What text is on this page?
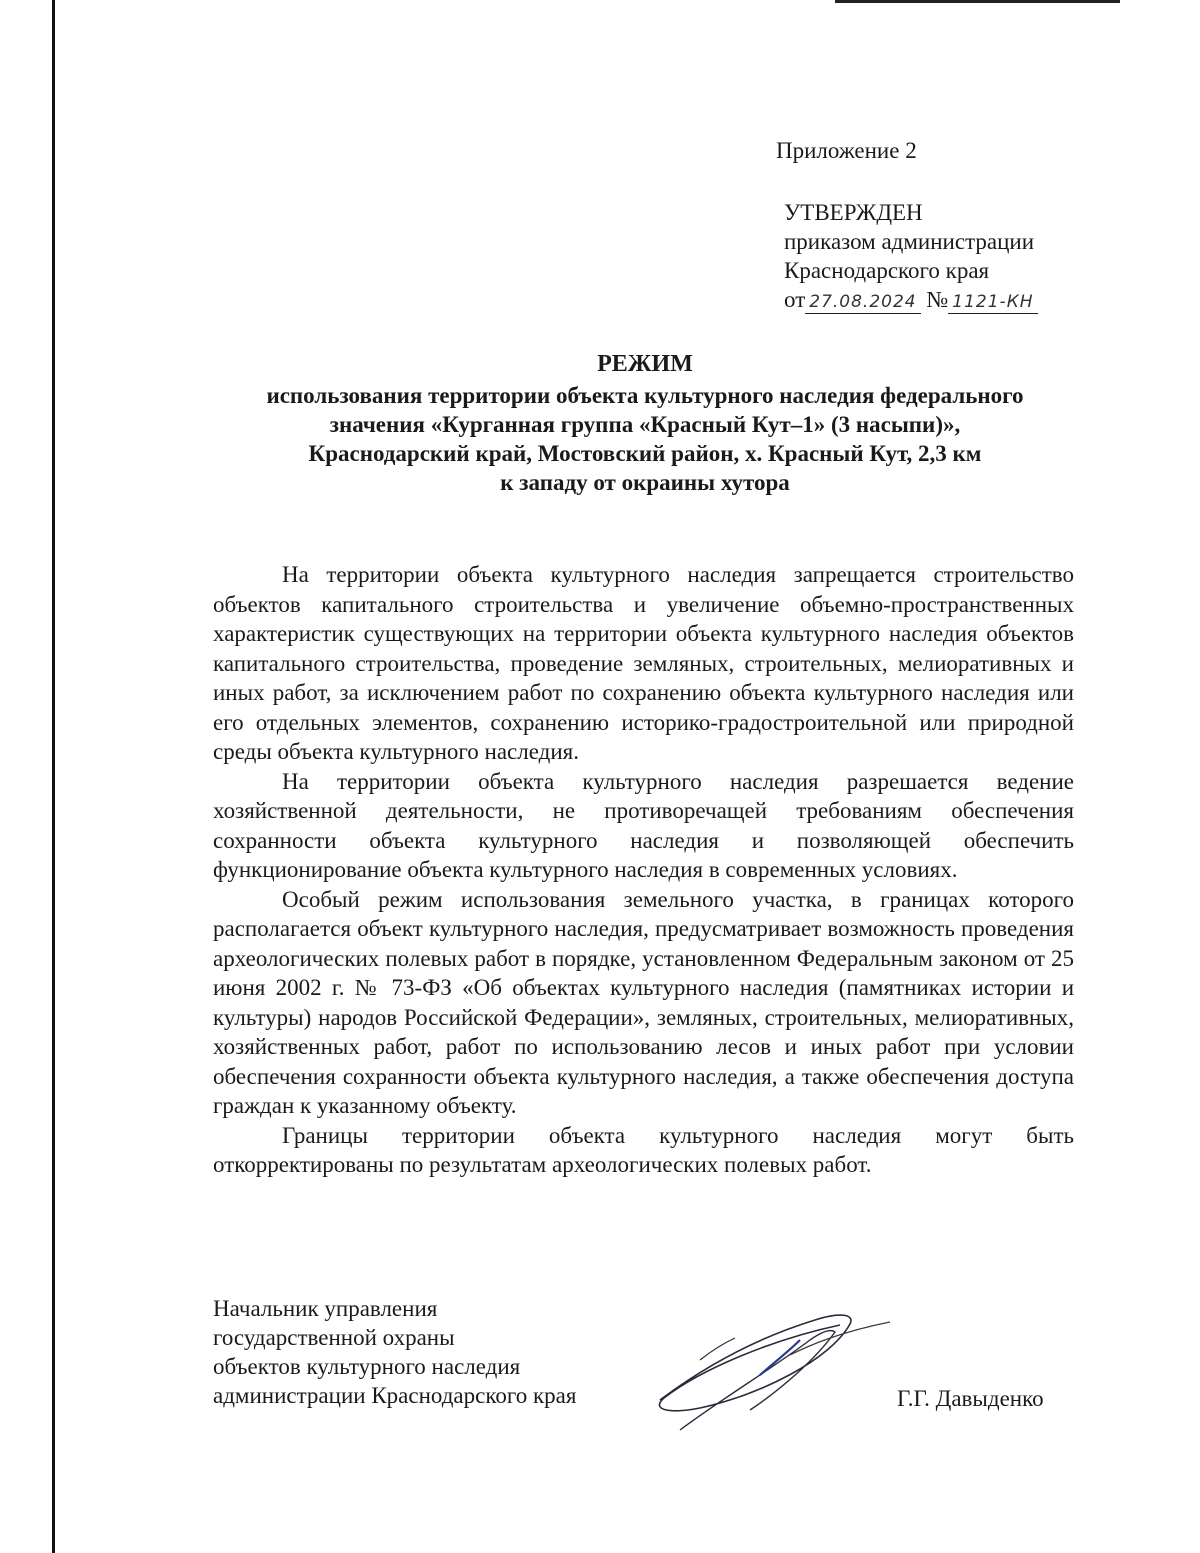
Приложение 2
УТВЕРЖДЕН
приказом администрации
Краснодарского края
от 27.08.2024 № 1121-КН
РЕЖИМ
использования территории объекта культурного наследия федерального
значения «Курганная группа «Красный Кут–1» (3 насыпи)»,
Краснодарский край, Мостовский район, х. Красный Кут, 2,3 км
к западу от окраины хутора

На территории объекта культурного наследия запрещается строительство объектов капитального строительства и увеличение объемно-пространственных характеристик существующих на территории объекта культурного наследия объектов капитального строительства, проведение земляных, строительных, мелиоративных и иных работ, за исключением работ по сохранению объекта культурного наследия или его отдельных элементов, сохранению историко-градостроительной или природной среды объекта культурного наследия.

На территории объекта культурного наследия разрешается ведение хозяйственной деятельности, не противоречащей требованиям обеспечения сохранности объекта культурного наследия и позволяющей обеспечить функционирование объекта культурного наследия в современных условиях.

Особый режим использования земельного участка, в границах которого располагается объект культурного наследия, предусматривает возможность проведения археологических полевых работ в порядке, установленном Федеральным законом от 25 июня 2002 г. № 73-ФЗ «Об объектах культурного наследия (памятниках истории и культуры) народов Российской Федерации», земляных, строительных, мелиоративных, хозяйственных работ, работ по использованию лесов и иных работ при условии обеспечения сохранности объекта культурного наследия, а также обеспечения доступа граждан к указанному объекту.

Границы территории объекта культурного наследия могут быть откорректированы по результатам археологических полевых работ.

Начальник управления
государственной охраны
объектов культурного наследия
администрации Краснодарского края	Г.Г. Давыденко
